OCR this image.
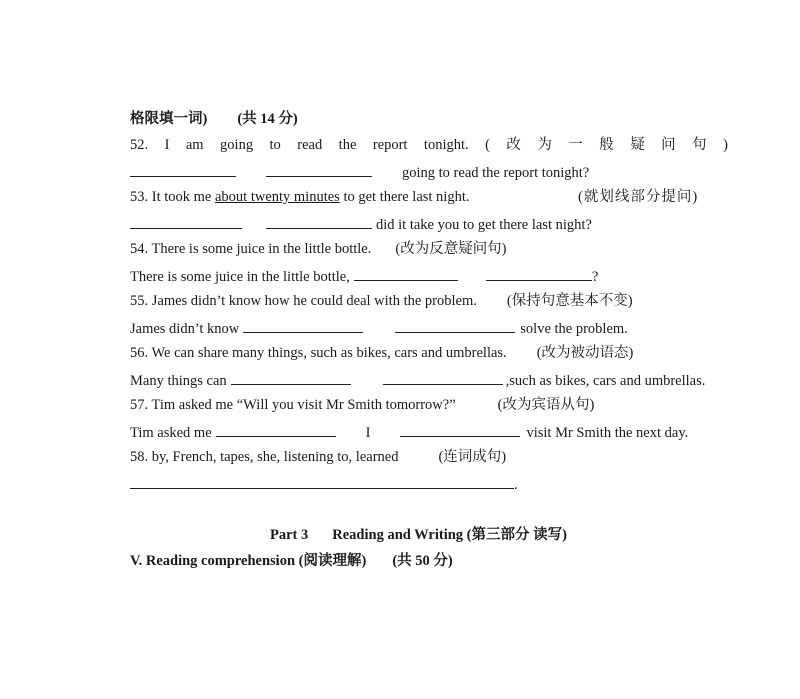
格限填一词) (共 14 分)
52. I am going to read the report tonight. ( 改 为 一 般 疑 问 句 )
going to read the report tonight?
53. It took me about twenty minutes to get there last night.	(就划线部分提问)
did it take you to get there last night?
54. There is some juice in the little bottle. (改为反意疑问句)
There is some juice in the little bottle,	?
55. James didn’t know how he could deal with the problem. (保持句意基本不变)
James didn’t know	solve the problem.
56. We can share many things, such as bikes, cars and umbrellas. (改为被动语态)
Many things can	,such as bikes, cars and umbrellas.
57. Tim asked me “Will you visit Mr Smith tomorrow?”	(改为宾语从句)
Tim asked me	I	visit Mr Smith the next day.
58. by, French, tapes, she, listening to, learned	(连词成句)
.
Part 3 Reading and Writing (第三部分 读写)
V. Reading comprehension (阅读理解) (共 50 分)
